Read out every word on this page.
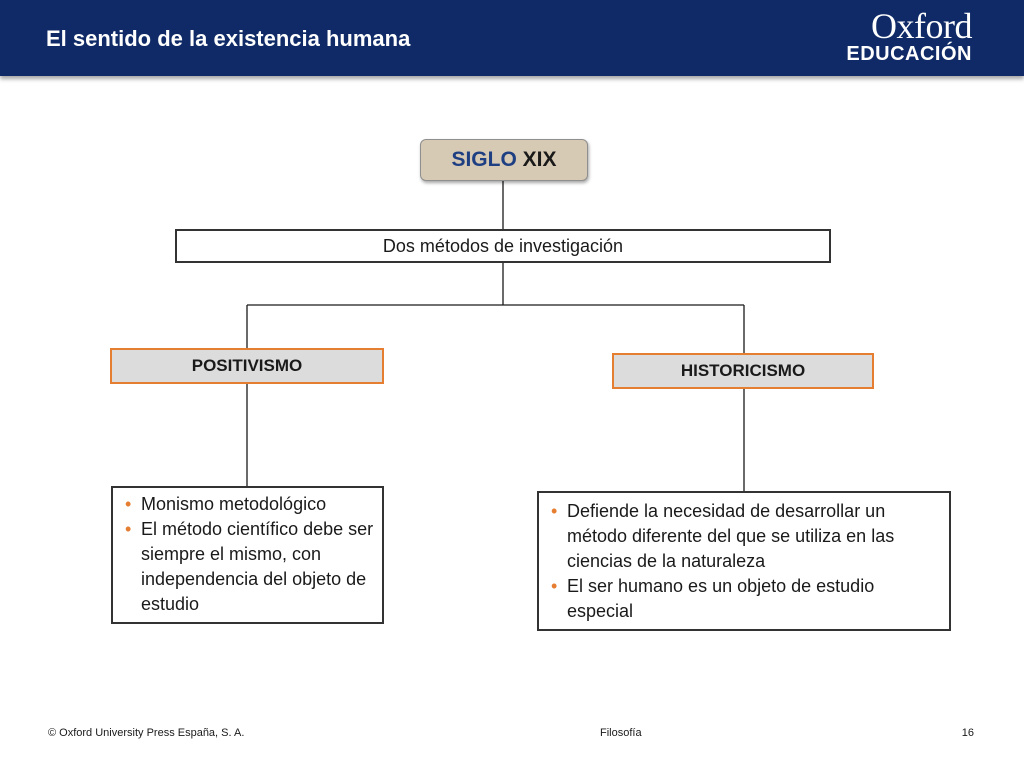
El sentido de la existencia humana	Oxford
EDUCACIÓN
SIGLO
XIX
Dos métodos de investigación
POSITIVISMO	HISTORICISMO
• Monismo metodológico
• El método científico debe ser siempre el mismo, con independencia del objeto de estudio
• Defiende la necesidad de desarrollar un método diferente del que se utiliza en las ciencias de la naturaleza
• El ser humano es un objeto de estudio especial
© Oxford University Press España, S. A.	Filosofía	16
